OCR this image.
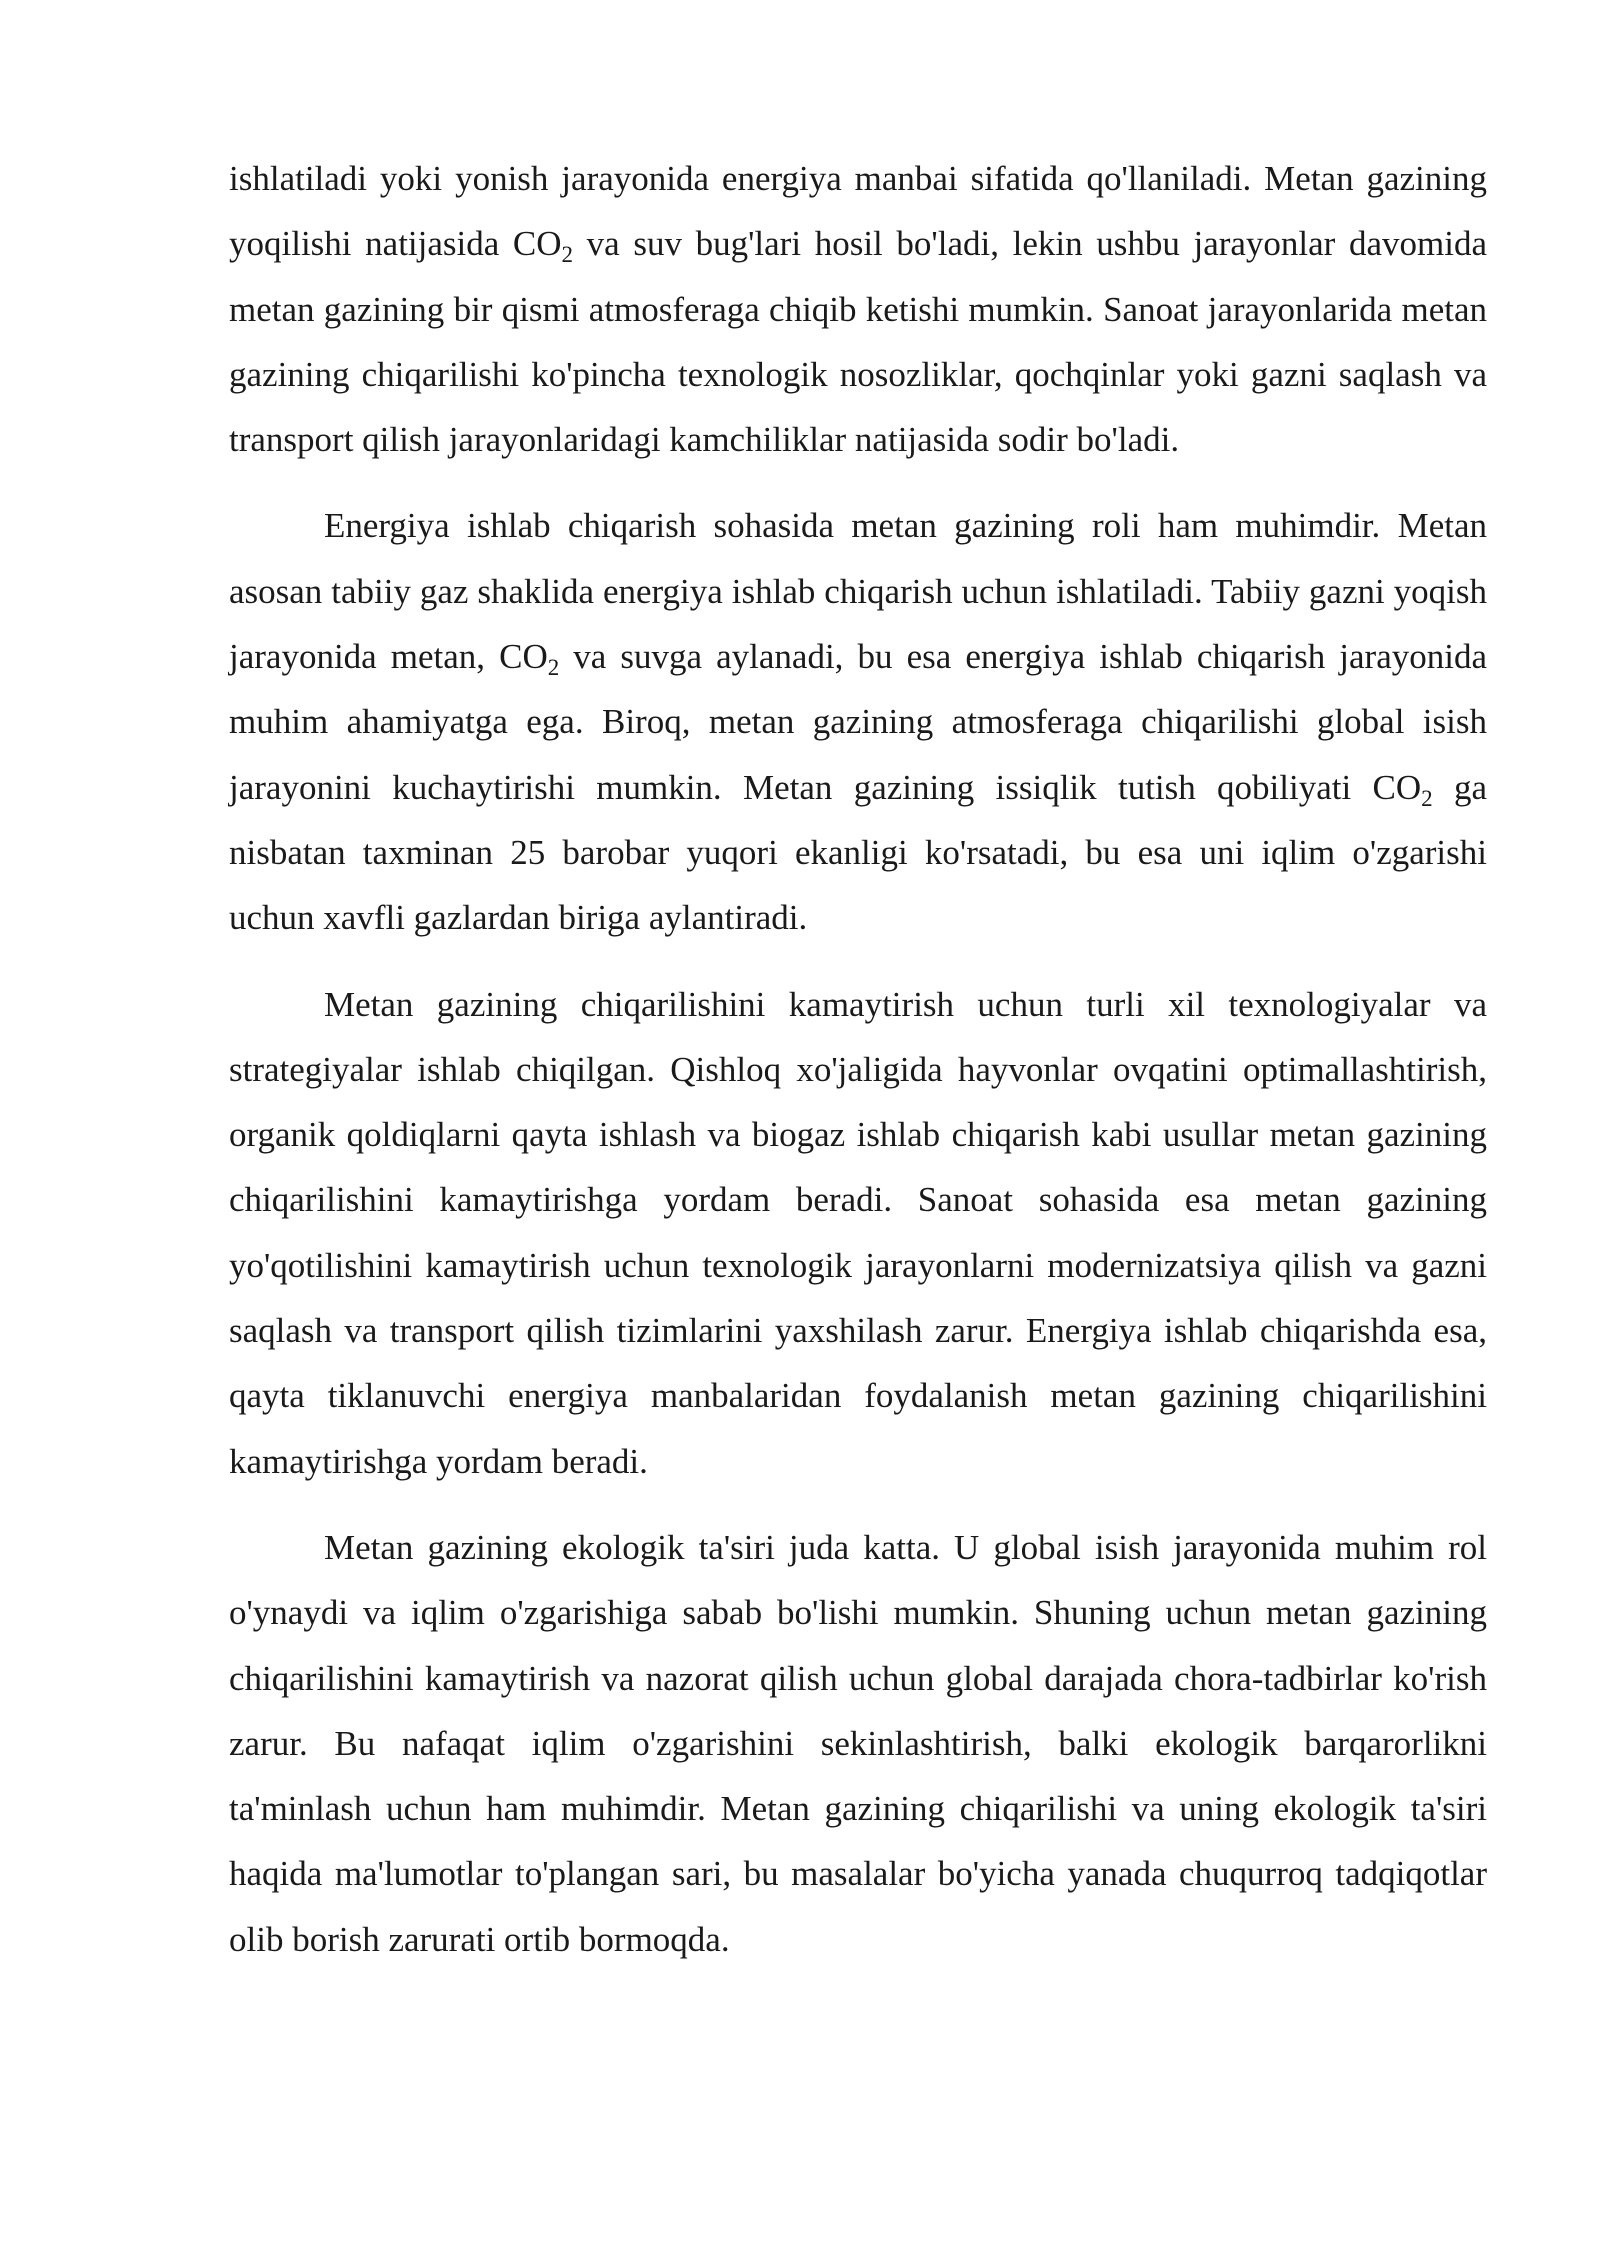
ishlatiladi yoki yonish jarayonida energiya manbai sifatida qo'llaniladi. Metan gazining yoqilishi natijasida $CO_2$ va suv bug'lari hosil bo'ladi, lekin ushbu jarayonlar davomida metan gazining bir qismi atmosferaga chiqib ketishi mumkin. Sanoat jarayonlarida metan gazining chiqarilishi ko'pincha texnologik nosozliklar, qochqinlar yoki gazni saqlash va transport qilish jarayonlaridagi kamchiliklar natijasida sodir bo'ladi.

Energiya ishlab chiqarish sohasida metan gazining roli ham muhimdir. Metan asosan tabiiy gaz shaklida energiya ishlab chiqarish uchun ishlatiladi. Tabiiy gazni yoqish jarayonida metan, $CO_2$ va suvga aylanadi, bu esa energiya ishlab chiqarish jarayonida muhim ahamiyatga ega. Biroq, metan gazining atmosferaga chiqarilishi global isish jarayonini kuchaytirishi mumkin. Metan gazining issiqlik tutish qobiliyati $CO_2$ ga nisbatan taxminan 25 barobar yuqori ekanligi ko'rsatadi, bu esa uni iqlim o'zgarishi uchun xavfli gazlardan biriga aylantiradi.

Metan gazining chiqarilishini kamaytirish uchun turli xil texnologiyalar va strategiyalar ishlab chiqilgan. Qishloq xo'jaligida hayvonlar ovqatini optimallashtirish, organik qoldiqlarni qayta ishlash va biogaz ishlab chiqarish kabi usullar metan gazining chiqarilishini kamaytirishga yordam beradi. Sanoat sohasida esa metan gazining yo'qotilishini kamaytirish uchun texnologik jarayonlarni modernizatsiya qilish va gazni saqlash va transport qilish tizimlarini yaxshilash zarur. Energiya ishlab chiqarishda esa, qayta tiklanuvchi energiya manbalaridan foydalanish metan gazining chiqarilishini kamaytirishga yordam beradi.

Metan gazining ekologik ta'siri juda katta. U global isish jarayonida muhim rol o'ynaydi va iqlim o'zgarishiga sabab bo'lishi mumkin. Shuning uchun metan gazining chiqarilishini kamaytirish va nazorat qilish uchun global darajada chora-tadbirlar ko'rish zarur. Bu nafaqat iqlim o'zgarishini sekinlashtirish, balki ekologik barqarorlikni ta'minlash uchun ham muhimdir. Metan gazining chiqarilishi va uning ekologik ta'siri haqida ma'lumotlar to'plangan sari, bu masalalar bo'yicha yanada chuqurroq tadqiqotlar olib borish zarurati ortib bormoqda.
